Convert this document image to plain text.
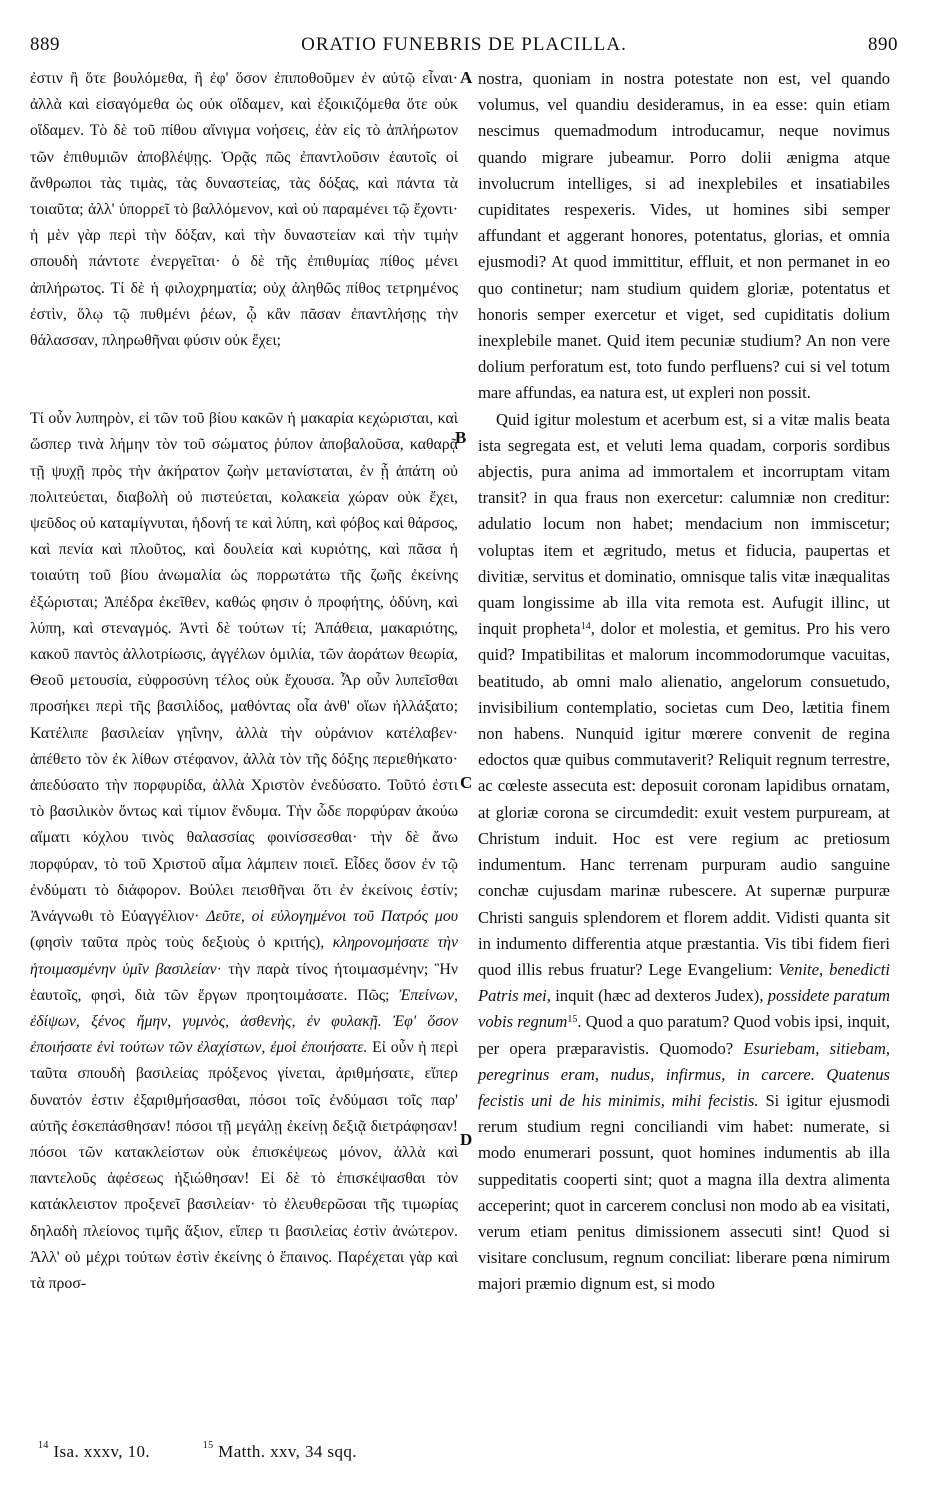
889	ORATIO FUNEBRIS DE PLACILLA.	890

ἐστιν ἢ ὅτε βουλόμεθα, ἢ ἐφ' ὅσον ἐπιποθοῦμεν ἐν αὐτῷ εἶναι· ἀλλὰ καὶ εἰσαγόμεθα ὡς οὐκ οἴδαμεν, καὶ ἐξοικιζόμεθα ὅτε οὐκ οἴδαμεν. Τὸ δὲ τοῦ πίθου αἴνιγμα νοήσεις, ἐὰν εἰς τὸ ἀπλήρωτον τῶν ἐπιθυμιῶν ἀποβλέψῃς. Ὁρᾷς πῶς ἐπαντλοῦσιν ἑαυτοῖς οἱ ἄνθρωποι τὰς τιμὰς, τὰς δυναστείας, τὰς δόξας, καὶ πάντα τὰ τοιαῦτα; ἀλλ' ὑπορρεῖ τὸ βαλλόμενον, καὶ οὐ παραμένει τῷ ἔχοντι· ἡ μὲν γὰρ περὶ τὴν δόξαν, καὶ τὴν δυναστείαν καὶ τὴν τιμὴν σπουδὴ πάντοτε ἐνεργεῖται· ὁ δὲ τῆς ἐπιθυμίας πίθος μένει ἀπλήρωτος. Τί δὲ ἡ φιλοχρηματία; οὐχ ἀληθῶς πίθος τετρημένος ἐστὶν, ὅλῳ τῷ πυθμένι ῥέων, ᾧ κἂν πᾶσαν ἐπαντλήσῃς τὴν θάλασσαν, πληρωθῆναι φύσιν οὐκ ἔχει;

Τί οὖν λυπηρὸν, εἰ τῶν τοῦ βίου κακῶν ἡ μακαρία κεχώρισται, καὶ ὥσπερ τινὰ λήμην τὸν τοῦ σώματος ῥύπον ἀποβαλοῦσα, καθαρᾷ τῇ ψυχῇ πρὸς τὴν ἀκήρατον ζωὴν μετανίσταται, ἐν ᾗ ἀπάτη οὐ πολιτεύεται, διαβολὴ οὐ πιστεύεται, κολακεία χώραν οὐκ ἔχει, ψεῦδος οὐ καταμίγνυται, ἡδονή τε καὶ λύπη, καὶ φόβος καὶ θάρσος, καὶ πενία καὶ πλοῦτος, καὶ δουλεία καὶ κυριότης, καὶ πᾶσα ἡ τοιαύτη τοῦ βίου ἀνωμαλία ὡς πορρωτάτω τῆς ζωῆς ἐκείνης ἐξώρισται; Ἀπέδρα ἐκεῖθεν, καθώς φησιν ὁ προφήτης, ὀδύνη, καὶ λύπη, καὶ στεναγμός. Ἀντὶ δὲ τούτων τί; Ἀπάθεια, μακαριότης, κακοῦ παντὸς ἀλλοτρίωσις, ἀγγέλων ὁμιλία, τῶν ἀοράτων θεωρία, Θεοῦ μετουσία, εὐφροσύνη τέλος οὐκ ἔχουσα. Ἆρ οὖν λυπεῖσθαι προσήκει περὶ τῆς βασιλίδος, μαθόντας οἷα ἀνθ' οἵων ἠλλάξατο; Κατέλιπε βασιλείαν γηΐνην, ἀλλὰ τὴν οὐράνιον κατέλαβεν· ἀπέθετο τὸν ἐκ λίθων στέφανον, ἀλλὰ τὸν τῆς δόξης περιεθήκατο· ἀπεδύσατο τὴν πορφυρίδα, ἀλλὰ Χριστὸν ἐνεδύσατο. Τοῦτό ἐστι τὸ βασιλικὸν ὄντως καὶ τίμιον ἔνδυμα. Τὴν ὧδε πορφύραν ἀκούω αἵματι κόχλου τινὸς θαλασσίας φοινίσσεσθαι· τὴν δὲ ἄνω πορφύραν, τὸ τοῦ Χριστοῦ αἷμα λάμπειν ποιεῖ. Εἶδες ὅσον ἐν τῷ ἐνδύματι τὸ διάφορον. Βούλει πεισθῆναι ὅτι ἐν ἐκείνοις ἐστίν; Ἀνάγνωθι τὸ Εὐαγγέλιον· Δεῦτε, οἱ εὐλογημένοι τοῦ Πατρός μου (φησὶν ταῦτα πρὸς τοὺς δεξιοὺς ὁ κριτής), κληρονομήσατε τὴν ἡτοιμασμένην ὑμῖν βασιλείαν· τὴν παρὰ τίνος ἡτοιμασμένην; Ἣν ἑαυτοῖς, φησὶ, διὰ τῶν ἔργων προητοιμάσατε. Πῶς; Ἐπείνων, ἐδίψων, ξένος ἤμην, γυμνὸς, ἀσθενὴς, ἐν φυλακῇ. Ἐφ' ὅσον ἐποιήσατε ἑνὶ τούτων τῶν ἐλαχίστων, ἐμοὶ ἐποιήσατε. Εἰ οὖν ἡ περὶ ταῦτα σπουδὴ βασιλείας πρόξενος γίνεται, ἀριθμήσατε, εἴπερ δυνατόν ἐστιν ἐξαριθμήσασθαι, πόσοι τοῖς ἐνδύμασι τοῖς παρ' αὐτῆς ἐσκεπάσθησαν! πόσοι τῇ μεγάλῃ ἐκείνῃ δεξιᾷ διετράφησαν! πόσοι τῶν κατακλείστων οὐκ ἐπισκέψεως μόνον, ἀλλὰ καὶ παντελοῦς ἀφέσεως ἠξιώθησαν! Εἰ δὲ τὸ ἐπισκέψασθαι τὸν κατάκλειστον προξενεῖ βασιλείαν· τὸ ἐλευθερῶσαι τῆς τιμωρίας δηλαδὴ πλείονος τιμῆς ἄξιον, εἴπερ τι βασιλείας ἐστὶν ἀνώτερον. Ἀλλ' οὐ μέχρι τούτων ἐστὶν ἐκείνης ὁ ἔπαινος. Παρέχεται γὰρ καὶ τὰ προσ-

A
B
C
D

nostra, quoniam in nostra potestate non est, vel quando volumus, vel quandiu desideramus, in ea esse: quin etiam nescimus quemadmodum introducamur, neque novimus quando migrare jubeamur. Porro dolii ænigma atque involucrum intelliges, si ad inexplebiles et insatiabiles cupiditates respexeris. Vides, ut homines sibi semper affundant et aggerant honores, potentatus, glorias, et omnia ejusmodi? At quod immittitur, effluit, et non permanet in eo quo continetur; nam studium quidem gloriæ, potentatus et honoris semper exercetur et viget, sed cupiditatis dolium inexplebile manet. Quid item pecuniæ studium? An non vere dolium perforatum est, toto fundo perfluens? cui si vel totum mare affundas, ea natura est, ut expleri non possit.

Quid igitur molestum et acerbum est, si a vitæ malis beata ista segregata est, et veluti lema quadam, corporis sordibus abjectis, pura anima ad immortalem et incorruptam vitam transit? in qua fraus non exercetur: calumniæ non creditur: adulatio locum non habet; mendacium non immiscetur; voluptas item et ægritudo, metus et fiducia, paupertas et divitiæ, servitus et dominatio, omnisque talis vitæ inæqualitas quam longissime ab illa vita remota est. Aufugit illinc, ut inquit propheta$^{14}$, dolor et molestia, et gemitus. Pro his vero quid? Impatibilitas et malorum incommodorumque vacuitas, beatitudo, ab omni malo alienatio, angelorum consuetudo, invisibilium contemplatio, societas cum Deo, lætitia finem non habens. Nunquid igitur mœrere convenit de regina edoctos quæ quibus commutaverit? Reliquit regnum terrestre, ac cœleste assecuta est: deposuit coronam lapidibus ornatam, at gloriæ corona se circumdedit: exuit vestem purpuream, at Christum induit. Hoc est vere regium ac pretiosum indumentum. Hanc terrenam purpuram audio sanguine conchæ cujusdam marinæ rubescere. At supernæ purpuræ Christi sanguis splendorem et florem addit. Vidisti quanta sit in indumento differentia atque præstantia. Vis tibi fidem fieri quod illis rebus fruatur? Lege Evangelium: Venite, benedicti Patris mei, inquit (hæc ad dexteros Judex), possidete paratum vobis regnum$^{15}$. Quod a quo paratum? Quod vobis ipsi, inquit, per opera præparavistis. Quomodo? Esuriebam, sitiebam, peregrinus eram, nudus, infirmus, in carcere. Quatenus fecistis uni de his minimis, mihi fecistis. Si igitur ejusmodi rerum studium regni conciliandi vim habet: numerate, si modo enumerari possunt, quot homines indumentis ab illa suppeditatis cooperti sint; quot a magna illa dextra alimenta acceperint; quot in carcerem conclusi non modo ab ea visitati, verum etiam penitus dimissionem assecuti sint! Quod si visitare conclusum, regnum conciliat: liberare pœna nimirum majori præmio dignum est, si modo

$^{14}$ Isa. xxxv, 10.	$^{15}$ Matth. xxv, 34 sqq.
